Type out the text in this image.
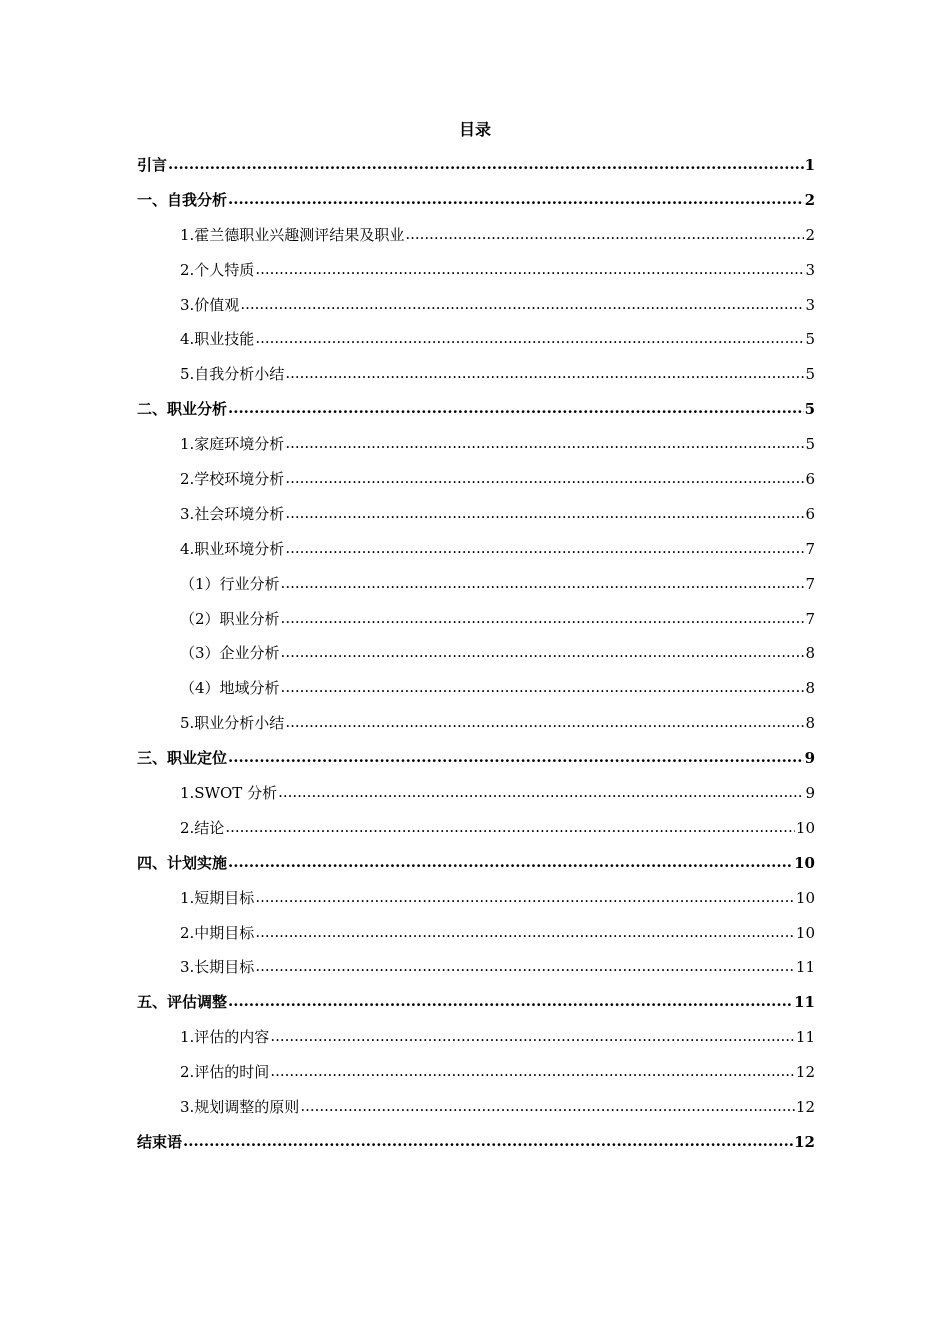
目录
引言 .....	1
一、自我分析 .....	2
1.霍兰德职业兴趣测评结果及职业 .....	2
2.个人特质 .....	3
3.价值观 .....	3
4.职业技能 .....	5
5.自我分析小结 .....	5
二、职业分析 .....	5
1.家庭环境分析 .....	5
2.学校环境分析 .....	6
3.社会环境分析 .....	6
4.职业环境分析 .....	7
（1）行业分析 .....	7
（2）职业分析 .....	7
（3）企业分析 .....	8
（4）地域分析 .....	8
5.职业分析小结 .....	8
三、职业定位 .....	9
1.SWOT 分析 .....	9
2.结论 .....	10
四、计划实施 .....	10
1.短期目标 .....	10
2.中期目标 .....	10
3.长期目标 .....	11
五、评估调整 .....	11
1.评估的内容 .....	11
2.评估的时间 .....	12
3.规划调整的原则 .....	12
结束语 .....	12
